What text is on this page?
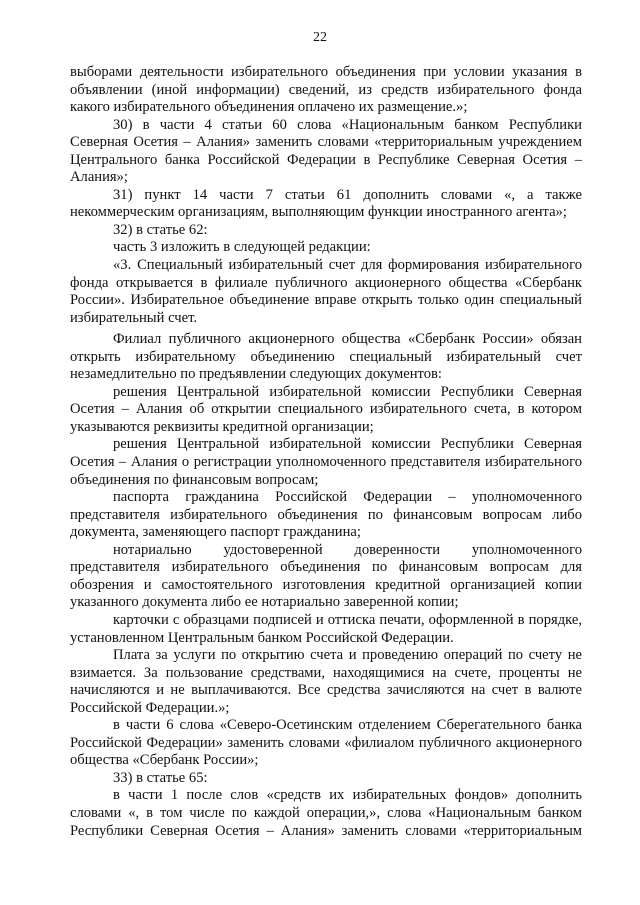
22

выборами деятельности избирательного объединения при условии указания в объявлении (иной информации) сведений, из средств избирательного фонда какого избирательного объединения оплачено их размещение.»;

30) в части 4 статьи 60 слова «Национальным банком Республики Северная Осетия – Алания» заменить словами «территориальным учреждением Центрального банка Российской Федерации в Республике Северная Осетия – Алания»;

31) пункт 14 части 7 статьи 61 дополнить словами «, а также некоммерческим организациям, выполняющим функции иностранного агента»;

32) в статье 62:

часть 3 изложить в следующей редакции:

«3. Специальный избирательный счет для формирования избирательного фонда открывается в филиале публичного акционерного общества «Сбербанк России». Избирательное объединение вправе открыть только один специальный избирательный счет.

Филиал публичного акционерного общества «Сбербанк России» обязан открыть избирательному объединению специальный избирательный счет незамедлительно по предъявлении следующих документов:

решения Центральной избирательной комиссии Республики Северная Осетия – Алания об открытии специального избирательного счета, в котором указываются реквизиты кредитной организации;

решения Центральной избирательной комиссии Республики Северная Осетия – Алания о регистрации уполномоченного представителя избирательного объединения по финансовым вопросам;

паспорта гражданина Российской Федерации – уполномоченного представителя избирательного объединения по финансовым вопросам либо документа, заменяющего паспорт гражданина;

нотариально удостоверенной доверенности уполномоченного представителя избирательного объединения по финансовым вопросам для обозрения и самостоятельного изготовления кредитной организацией копии указанного документа либо ее нотариально заверенной копии;

карточки с образцами подписей и оттиска печати, оформленной в порядке, установленном Центральным банком Российской Федерации.

Плата за услуги по открытию счета и проведению операций по счету не взимается. За пользование средствами, находящимися на счете, проценты не начисляются и не выплачиваются. Все средства зачисляются на счет в валюте Российской Федерации.»;

в части 6 слова «Северо-Осетинским отделением Сберегательного банка Российской Федерации» заменить словами «филиалом публичного акционерного общества «Сбербанк России»;

33) в статье 65:

в части 1 после слов «средств их избирательных фондов» дополнить

словами «, в том числе по каждой операции,», слова «Национальным банком

Республики Северная Осетия – Алания» заменить словами «территориальным
